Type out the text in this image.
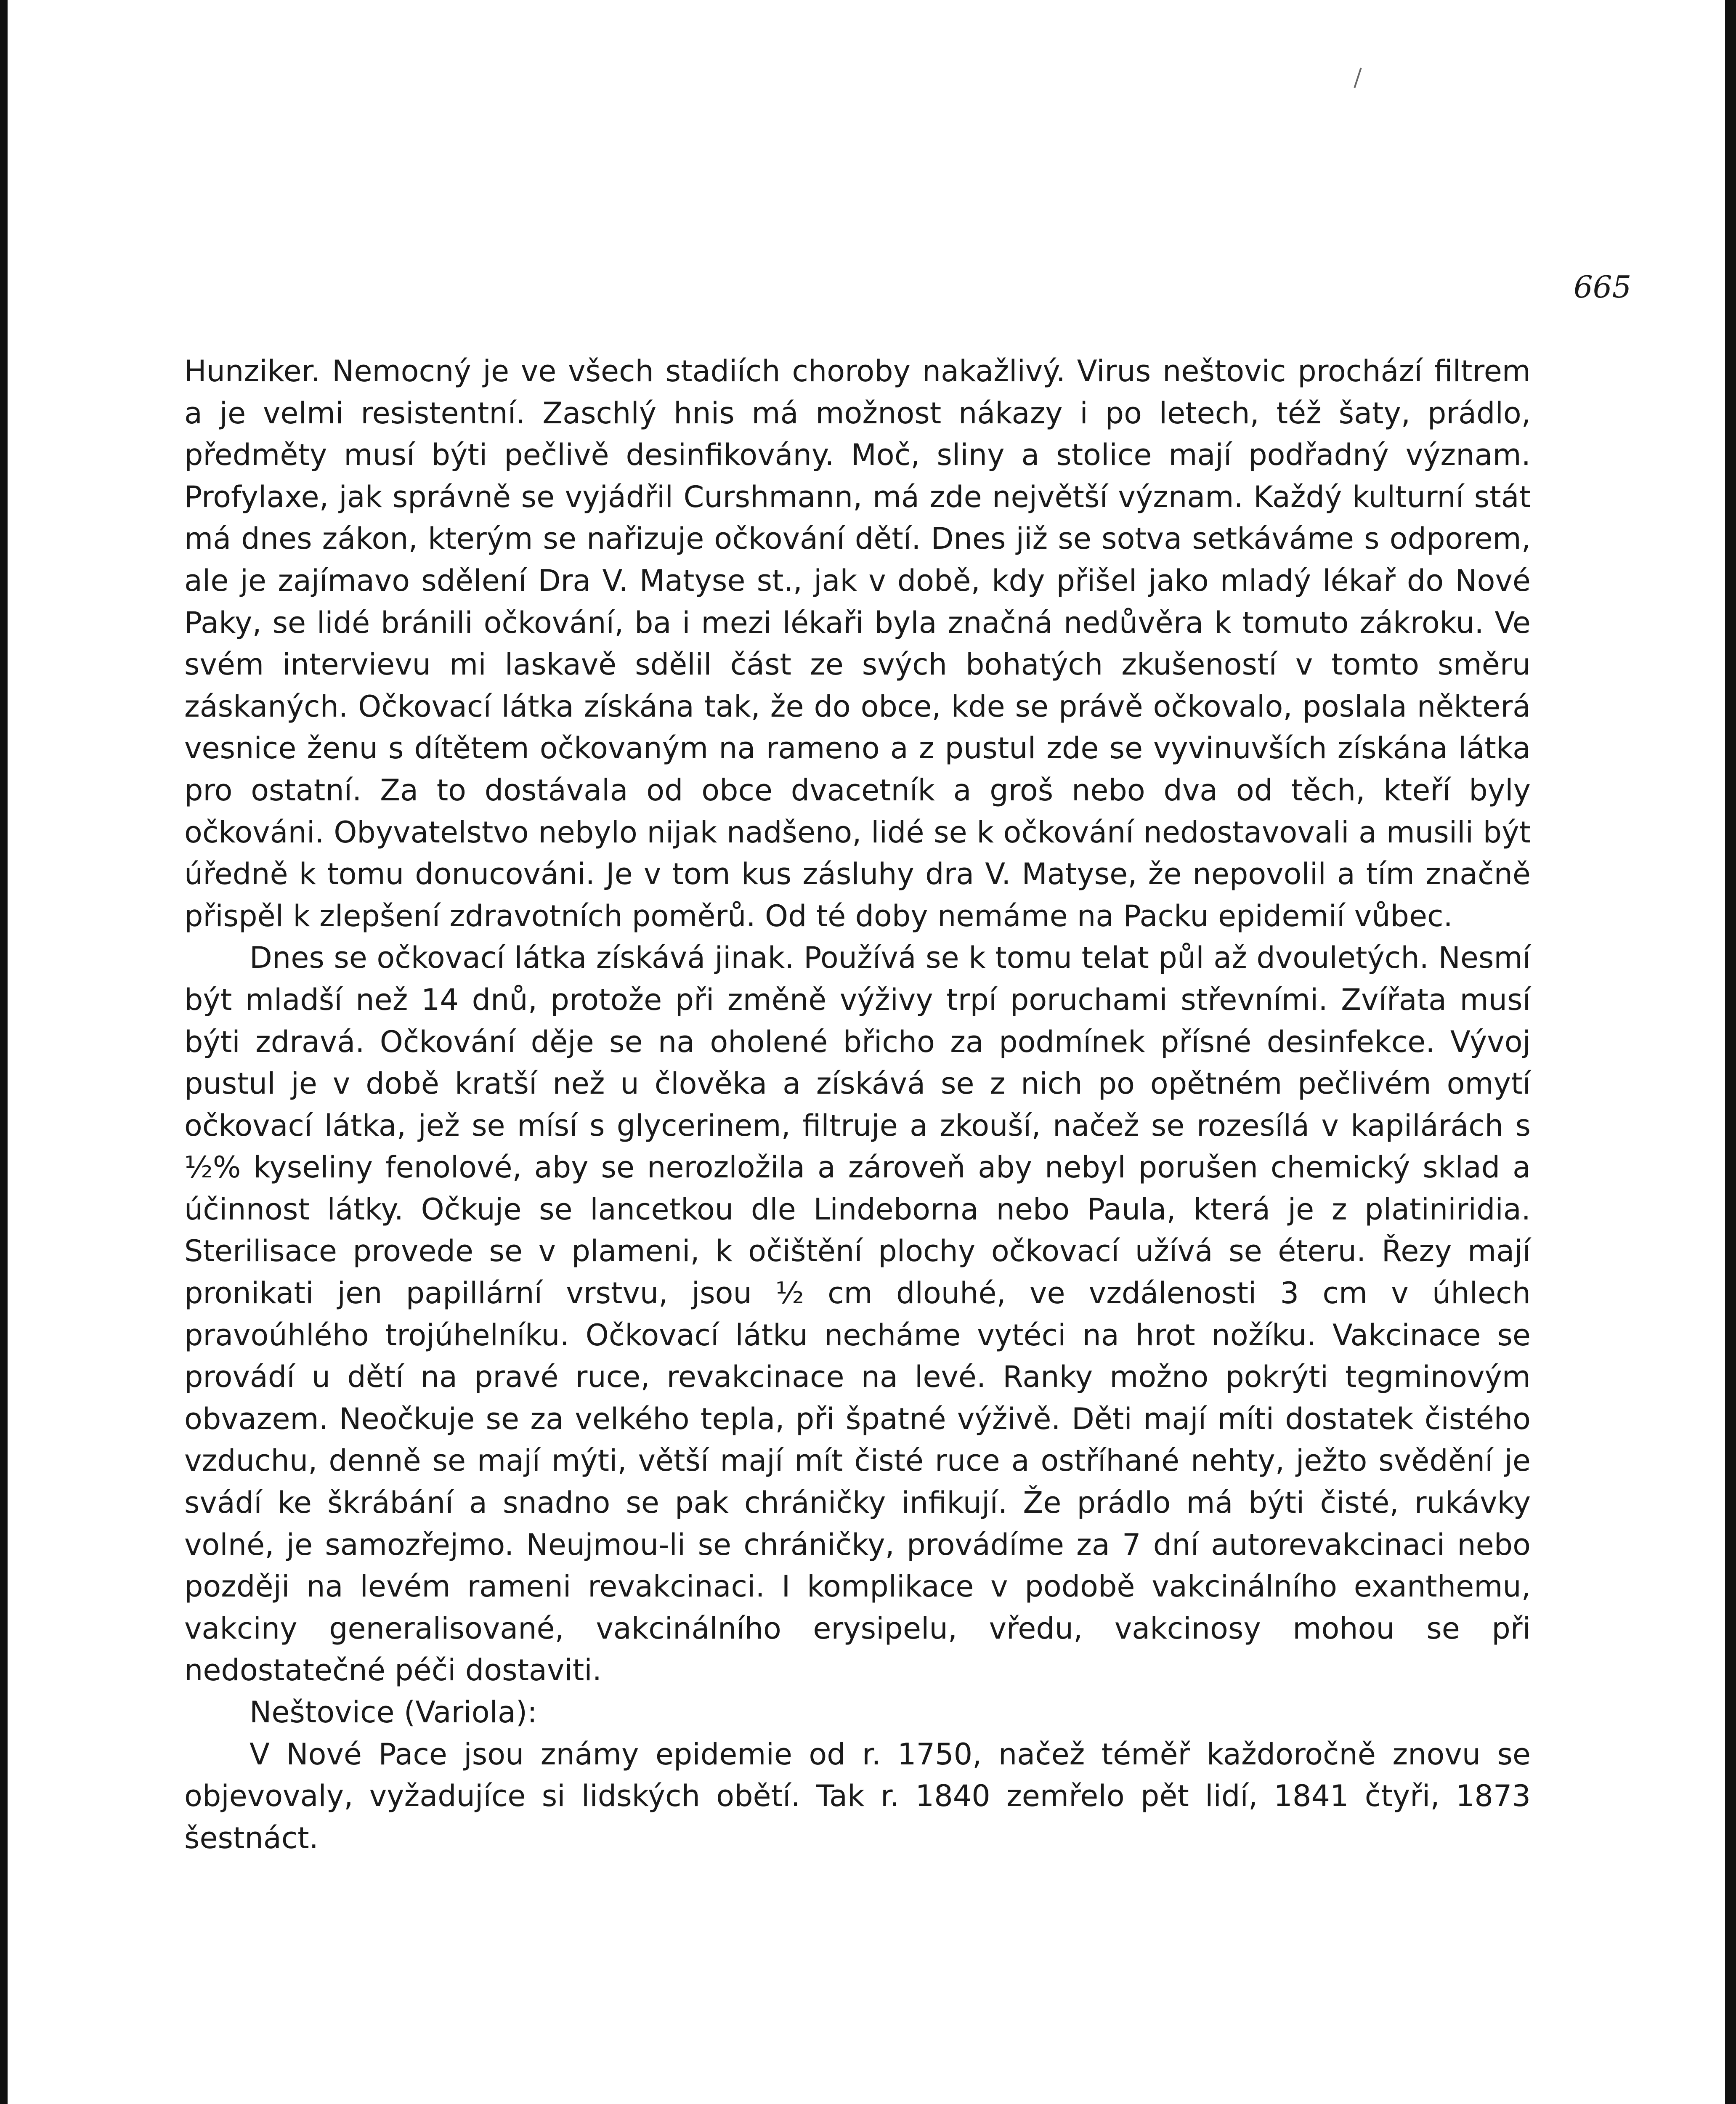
665

Hunziker. Nemocný je ve všech stadiích choroby nakažlivý. Virus neštovic prochází filtrem a je velmi resistentní. Zaschlý hnis má možnost nákazy i po letech, též šaty, prádlo, předměty musí býti pečlivě desinfikovány. Moč, sliny a stolice mají podřadný význam. Profylaxe, jak správně se vyjádřil Curshmann, má zde největší význam. Každý kulturní stát má dnes zákon, kterým se nařizuje očkování dětí. Dnes již se sotva setkáváme s odporem, ale je zajímavo sdělení Dra V. Matyse st., jak v době, kdy přišel jako mladý lékař do Nové Paky, se lidé bránili očkování, ba i mezi lékaři byla značná nedůvěra k tomuto zákroku. Ve svém intervievu mi laskavě sdělil část ze svých bohatých zkušeností v tomto směru záskaných. Očkovací látka získána tak, že do obce, kde se právě očkovalo, poslala některá vesnice ženu s dítětem očkovaným na rameno a z pustul zde se vyvinuvších získána látka pro ostatní. Za to dostávala od obce dvacetník a groš nebo dva od těch, kteří byly očkováni. Obyvatelstvo nebylo nijak nadšeno, lidé se k očkování nedostavovali a musili být úředně k tomu donucováni. Je v tom kus zásluhy dra V. Matyse, že nepovolil a tím značně přispěl k zlepšení zdravotních poměrů. Od té doby nemáme na Packu epidemií vůbec.

Dnes se očkovací látka získává jinak. Používá se k tomu telat půl až dvouletých. Nesmí být mladší než 14 dnů, protože při změně výživy trpí poruchami střevními. Zvířata musí býti zdravá. Očkování děje se na oholené břicho za podmínek přísné desinfekce. Vývoj pustul je v době kratší než u člověka a získává se z nich po opětném pečlivém omytí očkovací látka, jež se mísí s glycerinem, filtruje a zkouší, načež se rozesílá v kapilárách s ½% kyseliny fenolové, aby se nerozložila a zároveň aby nebyl porušen chemický sklad a účinnost látky. Očkuje se lancetkou dle Lindeborna nebo Paula, která je z platiniridia. Sterilisace provede se v plameni, k očištění plochy očkovací užívá se éteru. Řezy mají pronikati jen papillární vrstvu, jsou ½ cm dlouhé, ve vzdálenosti 3 cm v úhlech pravoúhlého trojúhelníku. Očkovací látku necháme vytéci na hrot nožíku. Vakcinace se provádí u dětí na pravé ruce, revakcinace na levé. Ranky možno pokrýti tegminovým obvazem. Neočkuje se za velkého tepla, při špatné výživě. Děti mají míti dostatek čistého vzduchu, denně se mají mýti, větší mají mít čisté ruce a ostříhané nehty, ježto svědění je svádí ke škrábání a snadno se pak chráničky infikují. Že prádlo má býti čisté, rukávky volné, je samozřejmo. Neujmou-li se chráničky, provádíme za 7 dní autorevakcinaci nebo později na levém rameni revakcinaci. I komplikace v podobě vakcinálního exanthemu, vakciny generalisované, vakcinálního erysipelu, vředu, vakcinosy mohou se při nedostatečné péči dostaviti.

Neštovice (Variola):

V Nové Pace jsou známy epidemie od r. 1750, načež téměř každoročně znovu se objevovaly, vyžadujíce si lidských obětí. Tak r. 1840 zemřelo pět lidí, 1841 čtyři, 1873 šestnáct.
